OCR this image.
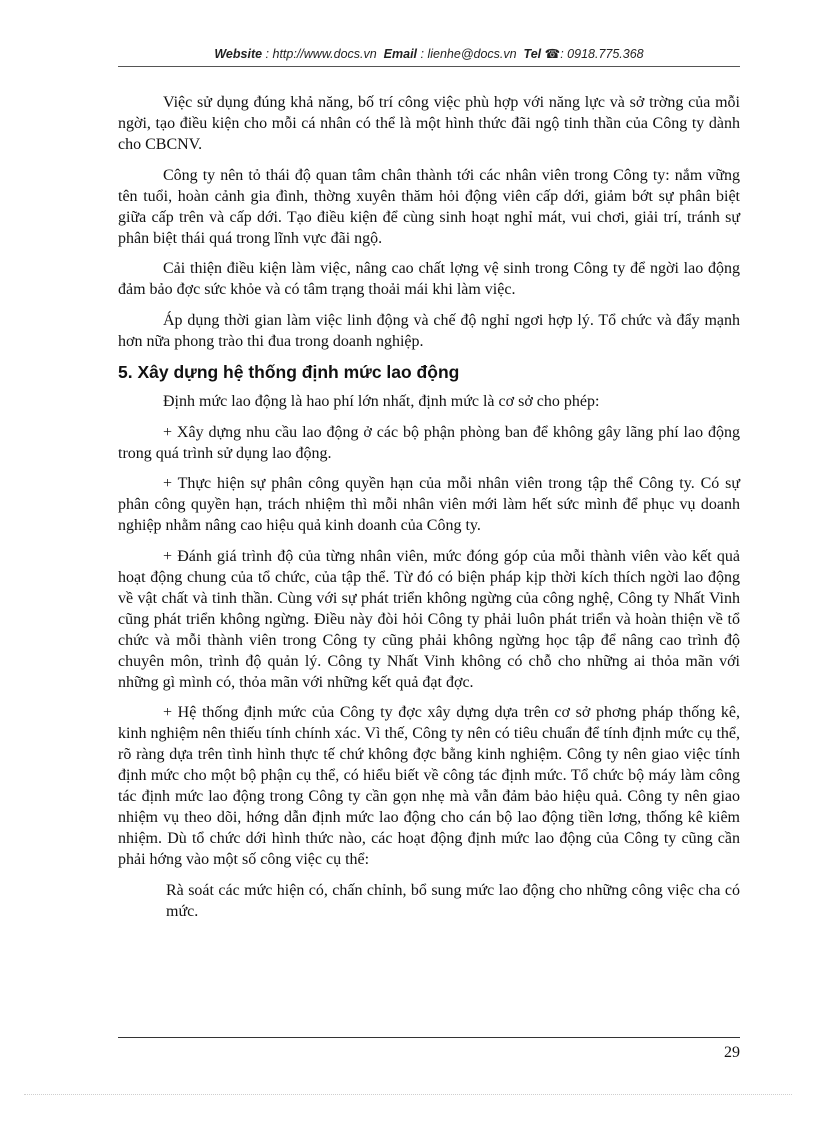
Website : http://www.docs.vn Email : lienhe@docs.vn Tel ☎: 0918.775.368

Việc sử dụng đúng khả năng, bố trí công việc phù hợp với năng lực và sở trờng của mỗi ngời, tạo điều kiện cho mỗi cá nhân có thể là một hình thức đãi ngộ tinh thần của Công ty dành cho CBCNV.

Công ty nên tỏ thái độ quan tâm chân thành tới các nhân viên trong Công ty: nắm vững tên tuổi, hoàn cảnh gia đình, thờng xuyên thăm hỏi động viên cấp dới, giảm bớt sự phân biệt giữa cấp trên và cấp dới. Tạo điều kiện để cùng sinh hoạt nghỉ mát, vui chơi, giải trí, tránh sự phân biệt thái quá trong lĩnh vực đãi ngộ.

Cải thiện điều kiện làm việc, nâng cao chất lợng vệ sinh trong Công ty để ngời lao động đảm bảo đợc sức khỏe và có tâm trạng thoải mái khi làm việc.

Áp dụng thời gian làm việc linh động và chế độ nghỉ ngơi hợp lý. Tổ chức và đẩy mạnh hơn nữa phong trào thi đua trong doanh nghiệp.

5. Xây dựng hệ thống định mức lao động

Định mức lao động là hao phí lớn nhất, định mức là cơ sở cho phép:

+ Xây dựng nhu cầu lao động ở các bộ phận phòng ban để không gây lãng phí lao động trong quá trình sử dụng lao động.

+ Thực hiện sự phân công quyền hạn của mỗi nhân viên trong tập thể Công ty. Có sự phân công quyền hạn, trách nhiệm thì mỗi nhân viên mới làm hết sức mình để phục vụ doanh nghiệp nhằm nâng cao hiệu quả kinh doanh của Công ty.

+ Đánh giá trình độ của từng nhân viên, mức đóng góp của mỗi thành viên vào kết quả hoạt động chung của tổ chức, của tập thể. Từ đó có biện pháp kịp thời kích thích ngời lao động về vật chất và tinh thần. Cùng với sự phát triển không ngừng của công nghệ, Công ty Nhất Vinh cũng phát triển không ngừng. Điều này đòi hỏi Công ty phải luôn phát triển và hoàn thiện về tổ chức và mỗi thành viên trong Công ty cũng phải không ngừng học tập để nâng cao trình độ chuyên môn, trình độ quản lý. Công ty Nhất Vinh không có chỗ cho những ai thỏa mãn với những gì mình có, thỏa mãn với những kết quả đạt đợc.

+ Hệ thống định mức của Công ty đợc xây dựng dựa trên cơ sở phơng pháp thống kê, kinh nghiệm nên thiếu tính chính xác. Vì thế, Công ty nên có tiêu chuẩn để tính định mức cụ thể, rõ ràng dựa trên tình hình thực tế chứ không đợc bằng kinh nghiệm. Công ty nên giao việc tính định mức cho một bộ phận cụ thể, có hiểu biết về công tác định mức. Tổ chức bộ máy làm công tác định mức lao động trong Công ty cần gọn nhẹ mà vẫn đảm bảo hiệu quả. Công ty nên giao nhiệm vụ theo dõi, hớng dẫn định mức lao động cho cán bộ lao động tiền lơng, thống kê kiêm nhiệm. Dù tổ chức dới hình thức nào, các hoạt động định mức lao động của Công ty cũng cần phải hớng vào một số công việc cụ thể:

Rà soát các mức hiện có, chấn chỉnh, bổ sung mức lao động cho những công việc cha có mức.

29
